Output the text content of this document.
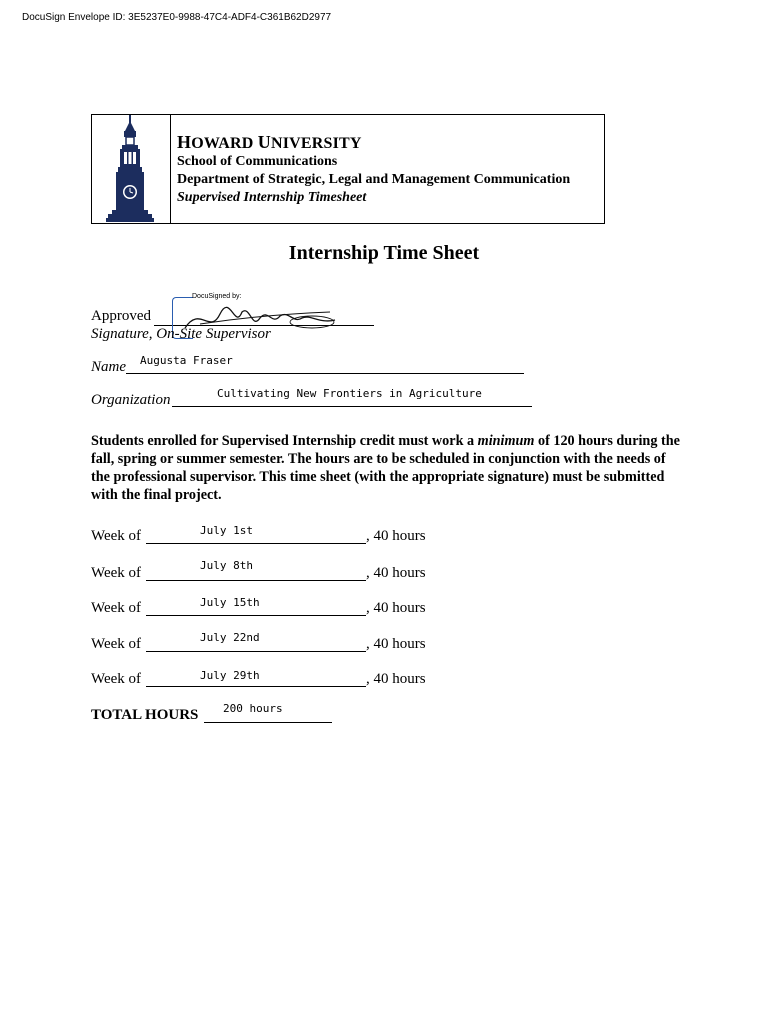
DocuSign Envelope ID: 3E5237E0-9988-47C4-ADF4-C361B62D2977
HOWARD UNIVERSITY
School of Communications
Department of Strategic, Legal and Management Communication
Supervised Internship Timesheet
Internship Time Sheet
Approved
DocuSigned by:
Signature, On-Site Supervisor
Name Augusta Fraser
Organization	Cultivating New Frontiers in Agriculture
Students enrolled for Supervised Internship credit must work a minimum of 120 hours during the fall, spring or summer semester. The hours are to be scheduled in conjunction with the needs of the professional supervisor. This time sheet (with the appropriate signature) must be submitted with the final project.
Week of	July 1st	, 40 hours
Week of	July 8th	, 40 hours
Week of	July 15th	, 40 hours
Week of	July 22nd	, 40 hours
Week of	July 29th	, 40 hours
TOTAL HOURS 200 hours
